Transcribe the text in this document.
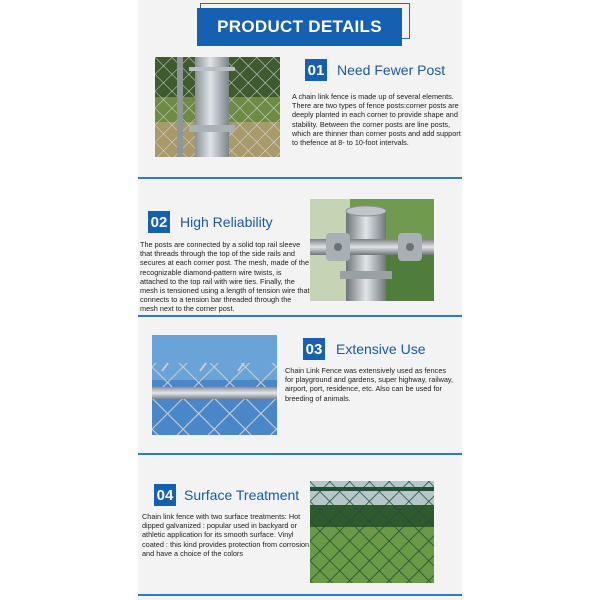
PRODUCT DETAILS
01 Need Fewer Post
A chain link fence is made up of several elements. There are two types of fence posts:corner posts are deeply planted in each corner to provide shape and stability. Between the corner posts are line posts, which are thinner than corner posts and add support to thefence at 8- to 10-foot intervals.
02 High Reliability
The posts are connected by a solid top rail sleeve that threads through the top of the side rails and secures at each corner post. The mesh, made of the recognizable diamond-pattern wire twists, is attached to the top rail with wire ties. Finally, the mesh is tensioned using a length of tension wire that connects to a tension bar threaded through the mesh next to the corner post.
03 Extensive Use
Chain Link Fence was extensively used as fences for playground and gardens, super highway, railway, airport, port, residence, etc. Also can be used for breeding of animals.
04 Surface Treatment
Chain link fence with two surface treatments: Hot dipped galvanized : popular used in backyard or athletic application for its smooth surface. Vinyl coated : this kind provides protection from corrosion and have a choice of the colors
